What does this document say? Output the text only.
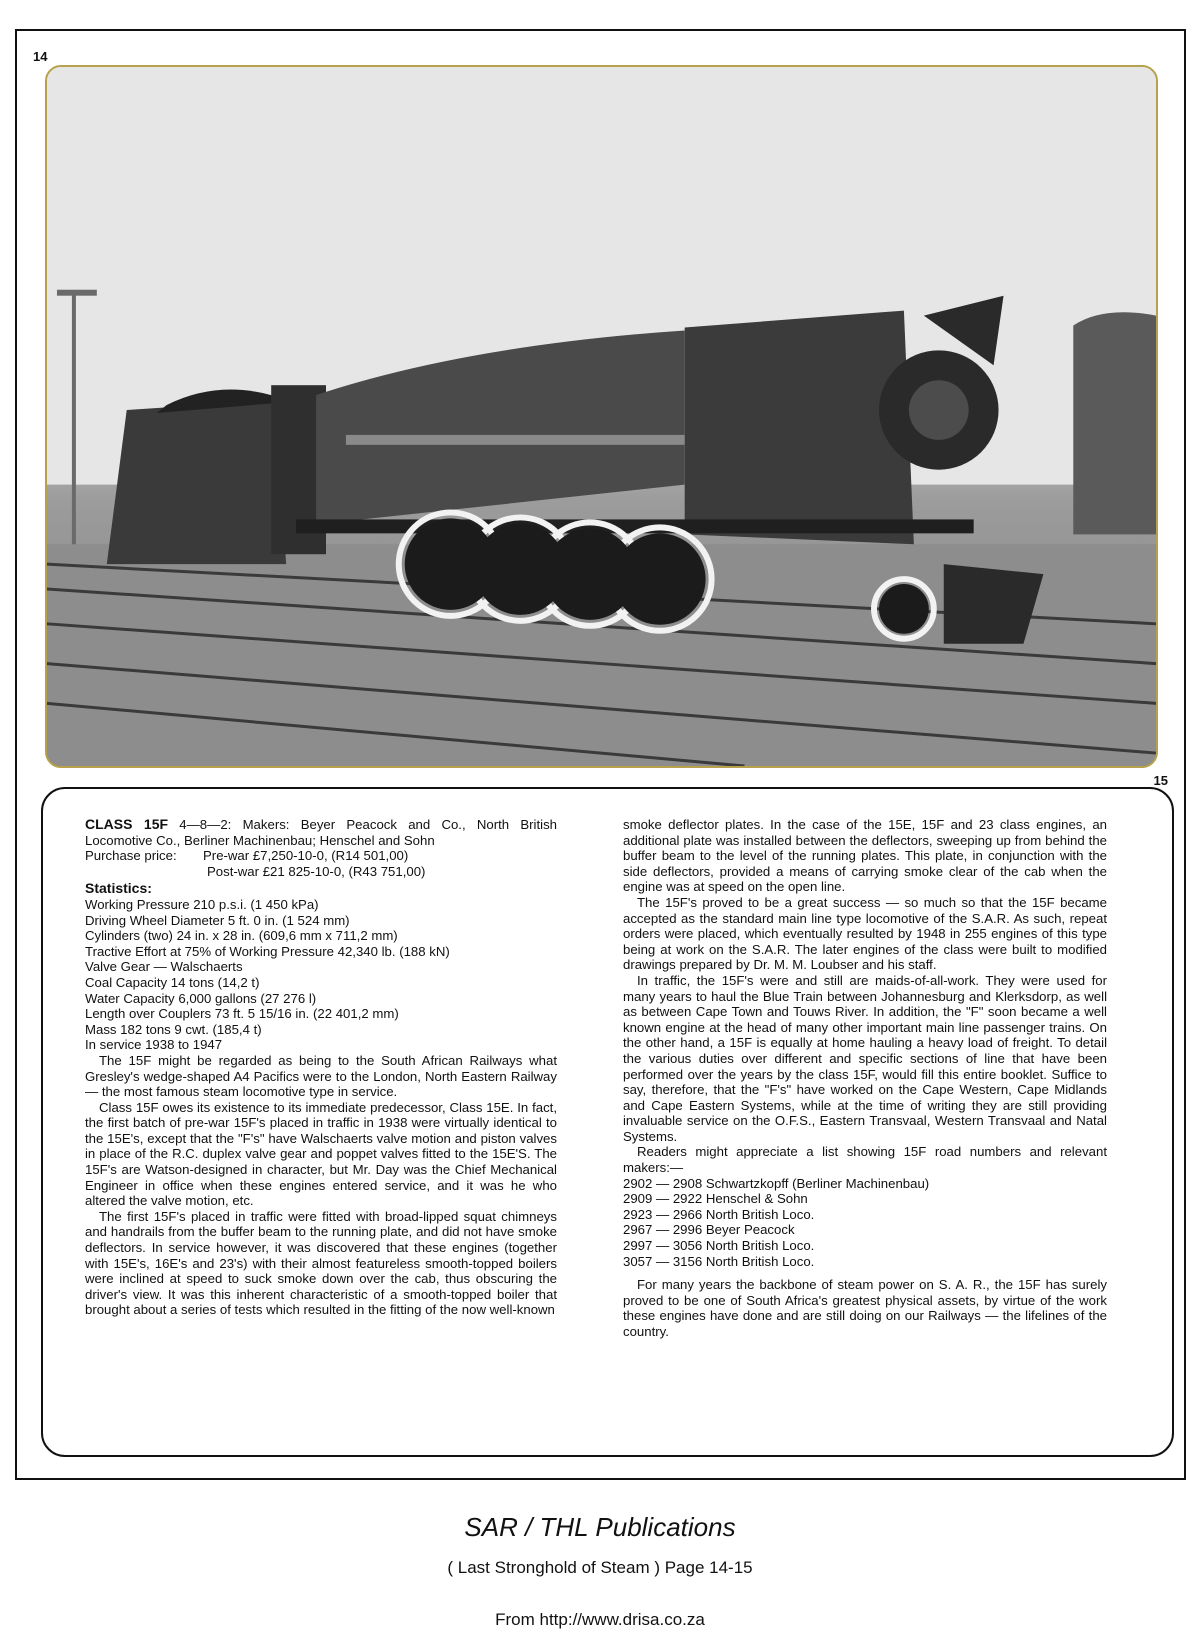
14
15

CLASS 15F 4—8—2: Makers: Beyer Peacock and Co., North British Locomotive Co., Berliner Machinenbau; Henschel and Sohn

Purchase price:	Pre-war £7,250-10-0, (R14 501,00)

Post-war £21 825-10-0, (R43 751,00)

Statistics:

Working Pressure 210 p.s.i. (1 450 kPa)

Driving Wheel Diameter 5 ft. 0 in. (1 524 mm)

Cylinders (two) 24 in. x 28 in. (609,6 mm x 711,2 mm)

Tractive Effort at 75% of Working Pressure 42,340 lb. (188 kN)

Valve Gear — Walschaerts

Coal Capacity 14 tons (14,2 t)

Water Capacity 6,000 gallons (27 276 l)

Length over Couplers 73 ft. 5 15/16 in. (22 401,2 mm)

Mass 182 tons 9 cwt. (185,4 t)

In service 1938 to 1947

The 15F might be regarded as being to the South African Railways what Gresley's wedge-shaped A4 Pacifics were to the London, North Eastern Railway — the most famous steam locomotive type in service.

Class 15F owes its existence to its immediate predecessor, Class 15E. In fact, the first batch of pre-war 15F's placed in traffic in 1938 were virtually identical to the 15E's, except that the "F's" have Walschaerts valve motion and piston valves in place of the R.C. duplex valve gear and poppet valves fitted to the 15E'S. The 15F's are Watson-designed in character, but Mr. Day was the Chief Mechanical Engineer in office when these engines entered service, and it was he who altered the valve motion, etc.

The first 15F's placed in traffic were fitted with broad-lipped squat chimneys and handrails from the buffer beam to the running plate, and did not have smoke deflectors. In service however, it was discovered that these engines (together with 15E's, 16E's and 23's) with their almost featureless smooth-topped boilers were inclined at speed to suck smoke down over the cab, thus obscuring the driver's view. It was this inherent characteristic of a smooth-topped boiler that brought about a series of tests which resulted in the fitting of the now well-known

smoke deflector plates. In the case of the 15E, 15F and 23 class engines, an additional plate was installed between the deflectors, sweeping up from behind the buffer beam to the level of the running plates. This plate, in conjunction with the side deflectors, provided a means of carrying smoke clear of the cab when the engine was at speed on the open line.

The 15F's proved to be a great success — so much so that the 15F became accepted as the standard main line type locomotive of the S.A.R. As such, repeat orders were placed, which eventually resulted by 1948 in 255 engines of this type being at work on the S.A.R. The later engines of the class were built to modified drawings prepared by Dr. M. M. Loubser and his staff.

In traffic, the 15F's were and still are maids-of-all-work. They were used for many years to haul the Blue Train between Johannesburg and Klerksdorp, as well as between Cape Town and Touws River. In addition, the "F" soon became a well known engine at the head of many other important main line passenger trains. On the other hand, a 15F is equally at home hauling a heavy load of freight. To detail the various duties over different and specific sections of line that have been performed over the years by the class 15F, would fill this entire booklet. Suffice to say, therefore, that the "F's" have worked on the Cape Western, Cape Midlands and Cape Eastern Systems, while at the time of writing they are still providing invaluable service on the O.F.S., Eastern Transvaal, Western Transvaal and Natal Systems.

Readers might appreciate a list showing 15F road numbers and relevant makers:—

2902 — 2908 Schwartzkopff (Berliner Machinenbau)

2909 — 2922 Henschel & Sohn

2923 — 2966 North British Loco.

2967 — 2996 Beyer Peacock

2997 — 3056 North British Loco.

3057 — 3156 North British Loco.

For many years the backbone of steam power on S. A. R., the 15F has surely proved to be one of South Africa's greatest physical assets, by virtue of the work these engines have done and are still doing on our Railways — the lifelines of the country.

SAR / THL Publications
( Last Stronghold of Steam ) Page 14-15
From http://www.drisa.co.za
